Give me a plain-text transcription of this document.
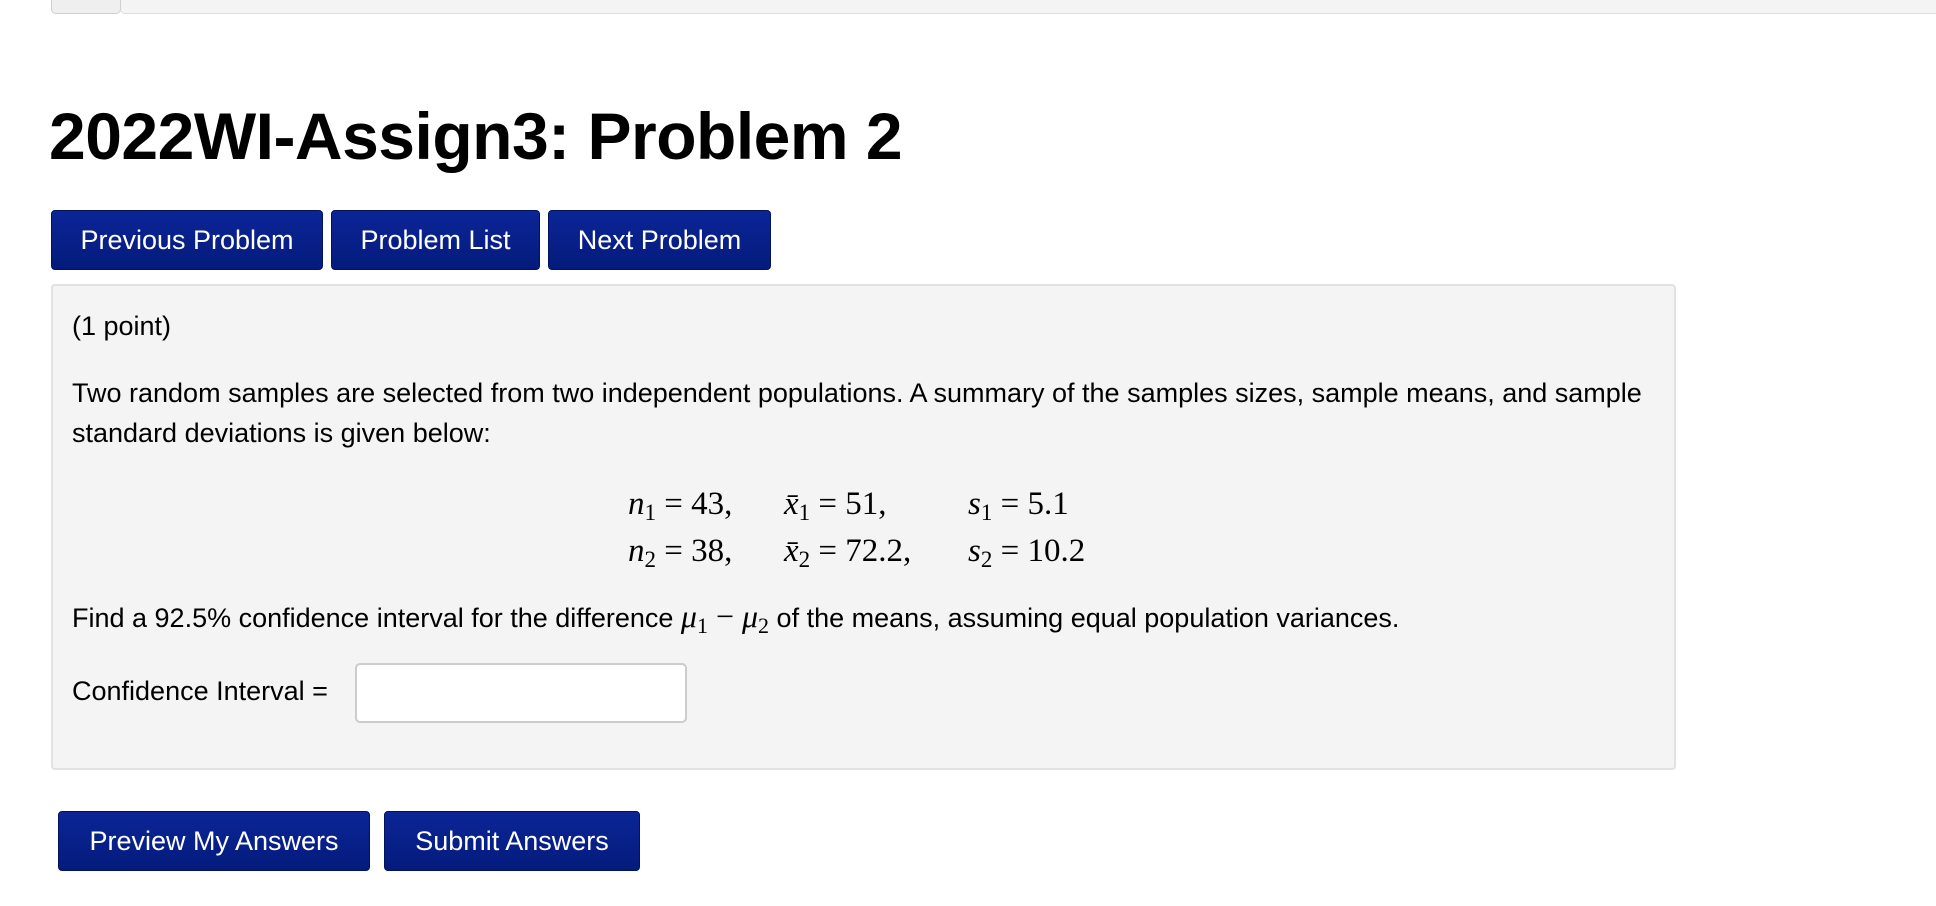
2022WI-Assign3: Problem 2
Previous Problem	Problem List	Next Problem
(1 point)
Two random samples are selected from two independent populations. A summary of the samples sizes, sample means, and sample standard deviations is given below:
$n_1 = 43$, $x̄_1 = 51$, $s_1 = 5.1$
$n_2 = 38$, $x̄_2 = 72.2$, $s_2 = 10.2$
Find a 92.5% confidence interval for the difference $\mu_1 - \mu_2$ of the means, assuming equal population variances.
Confidence Interval =
Preview My Answers	Submit Answers
